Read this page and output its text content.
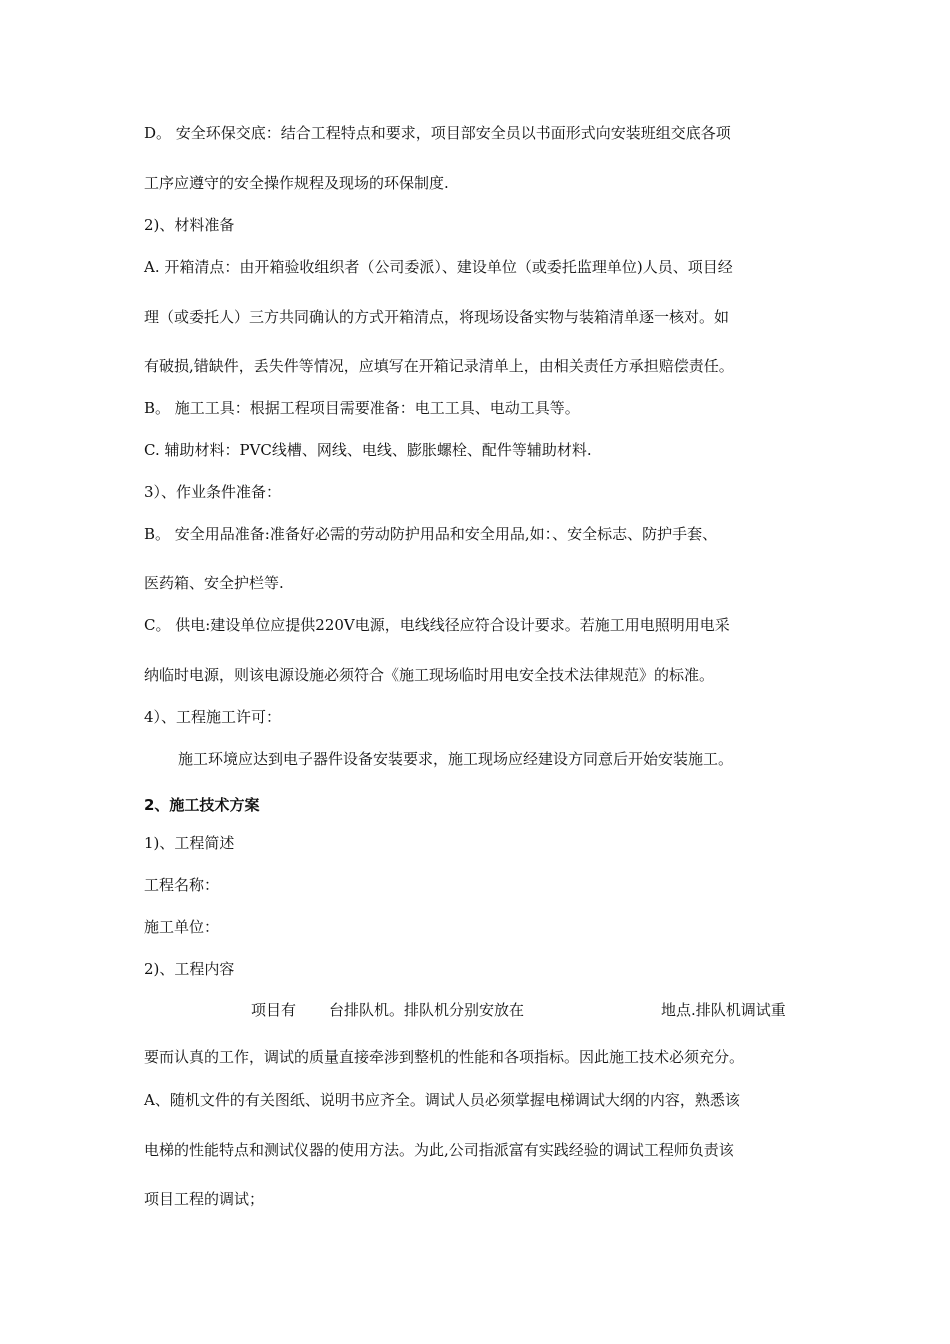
D。 安全环保交底：结合工程特点和要求，项目部安全员以书面形式向安装班组交底各项
工序应遵守的安全操作规程及现场的环保制度.
2)、材料准备
A. 开箱清点：由开箱验收组织者（公司委派）、建设单位（或委托监理单位)人员、项目经
理（或委托人）三方共同确认的方式开箱清点，将现场设备实物与装箱清单逐一核对。如
有破损,错缺件，丢失件等情况，应填写在开箱记录清单上，由相关责任方承担赔偿责任。
B。 施工工具：根据工程项目需要准备：电工工具、电动工具等。
C. 辅助材料：PVC线槽、网线、电线、膨胀螺栓、配件等辅助材料.
3）、作业条件准备：
B。 安全用品准备:准备好必需的劳动防护用品和安全用品,如：、安全标志、防护手套、
医药箱、安全护栏等.
C。 供电:建设单位应提供220V电源，电线线径应符合设计要求。若施工用电照明用电采
纳临时电源，则该电源设施必须符合《施工现场临时用电安全技术法律规范》的标准。
4）、工程施工许可：
施工环境应达到电子器件设备安装要求，施工现场应经建设方同意后开始安装施工。
2、施工技术方案
1)、工程简述
工程名称：
施工单位：
2)、工程内容
项目有 台排队机。排队机分别安放在	地点.排队机调试重
要而认真的工作，调试的质量直接牵涉到整机的性能和各项指标。因此施工技术必须充分。
A、随机文件的有关图纸、说明书应齐全。调试人员必须掌握电梯调试大纲的内容，熟悉该
电梯的性能特点和测试仪器的使用方法。为此,公司指派富有实践经验的调试工程师负责该
项目工程的调试；
